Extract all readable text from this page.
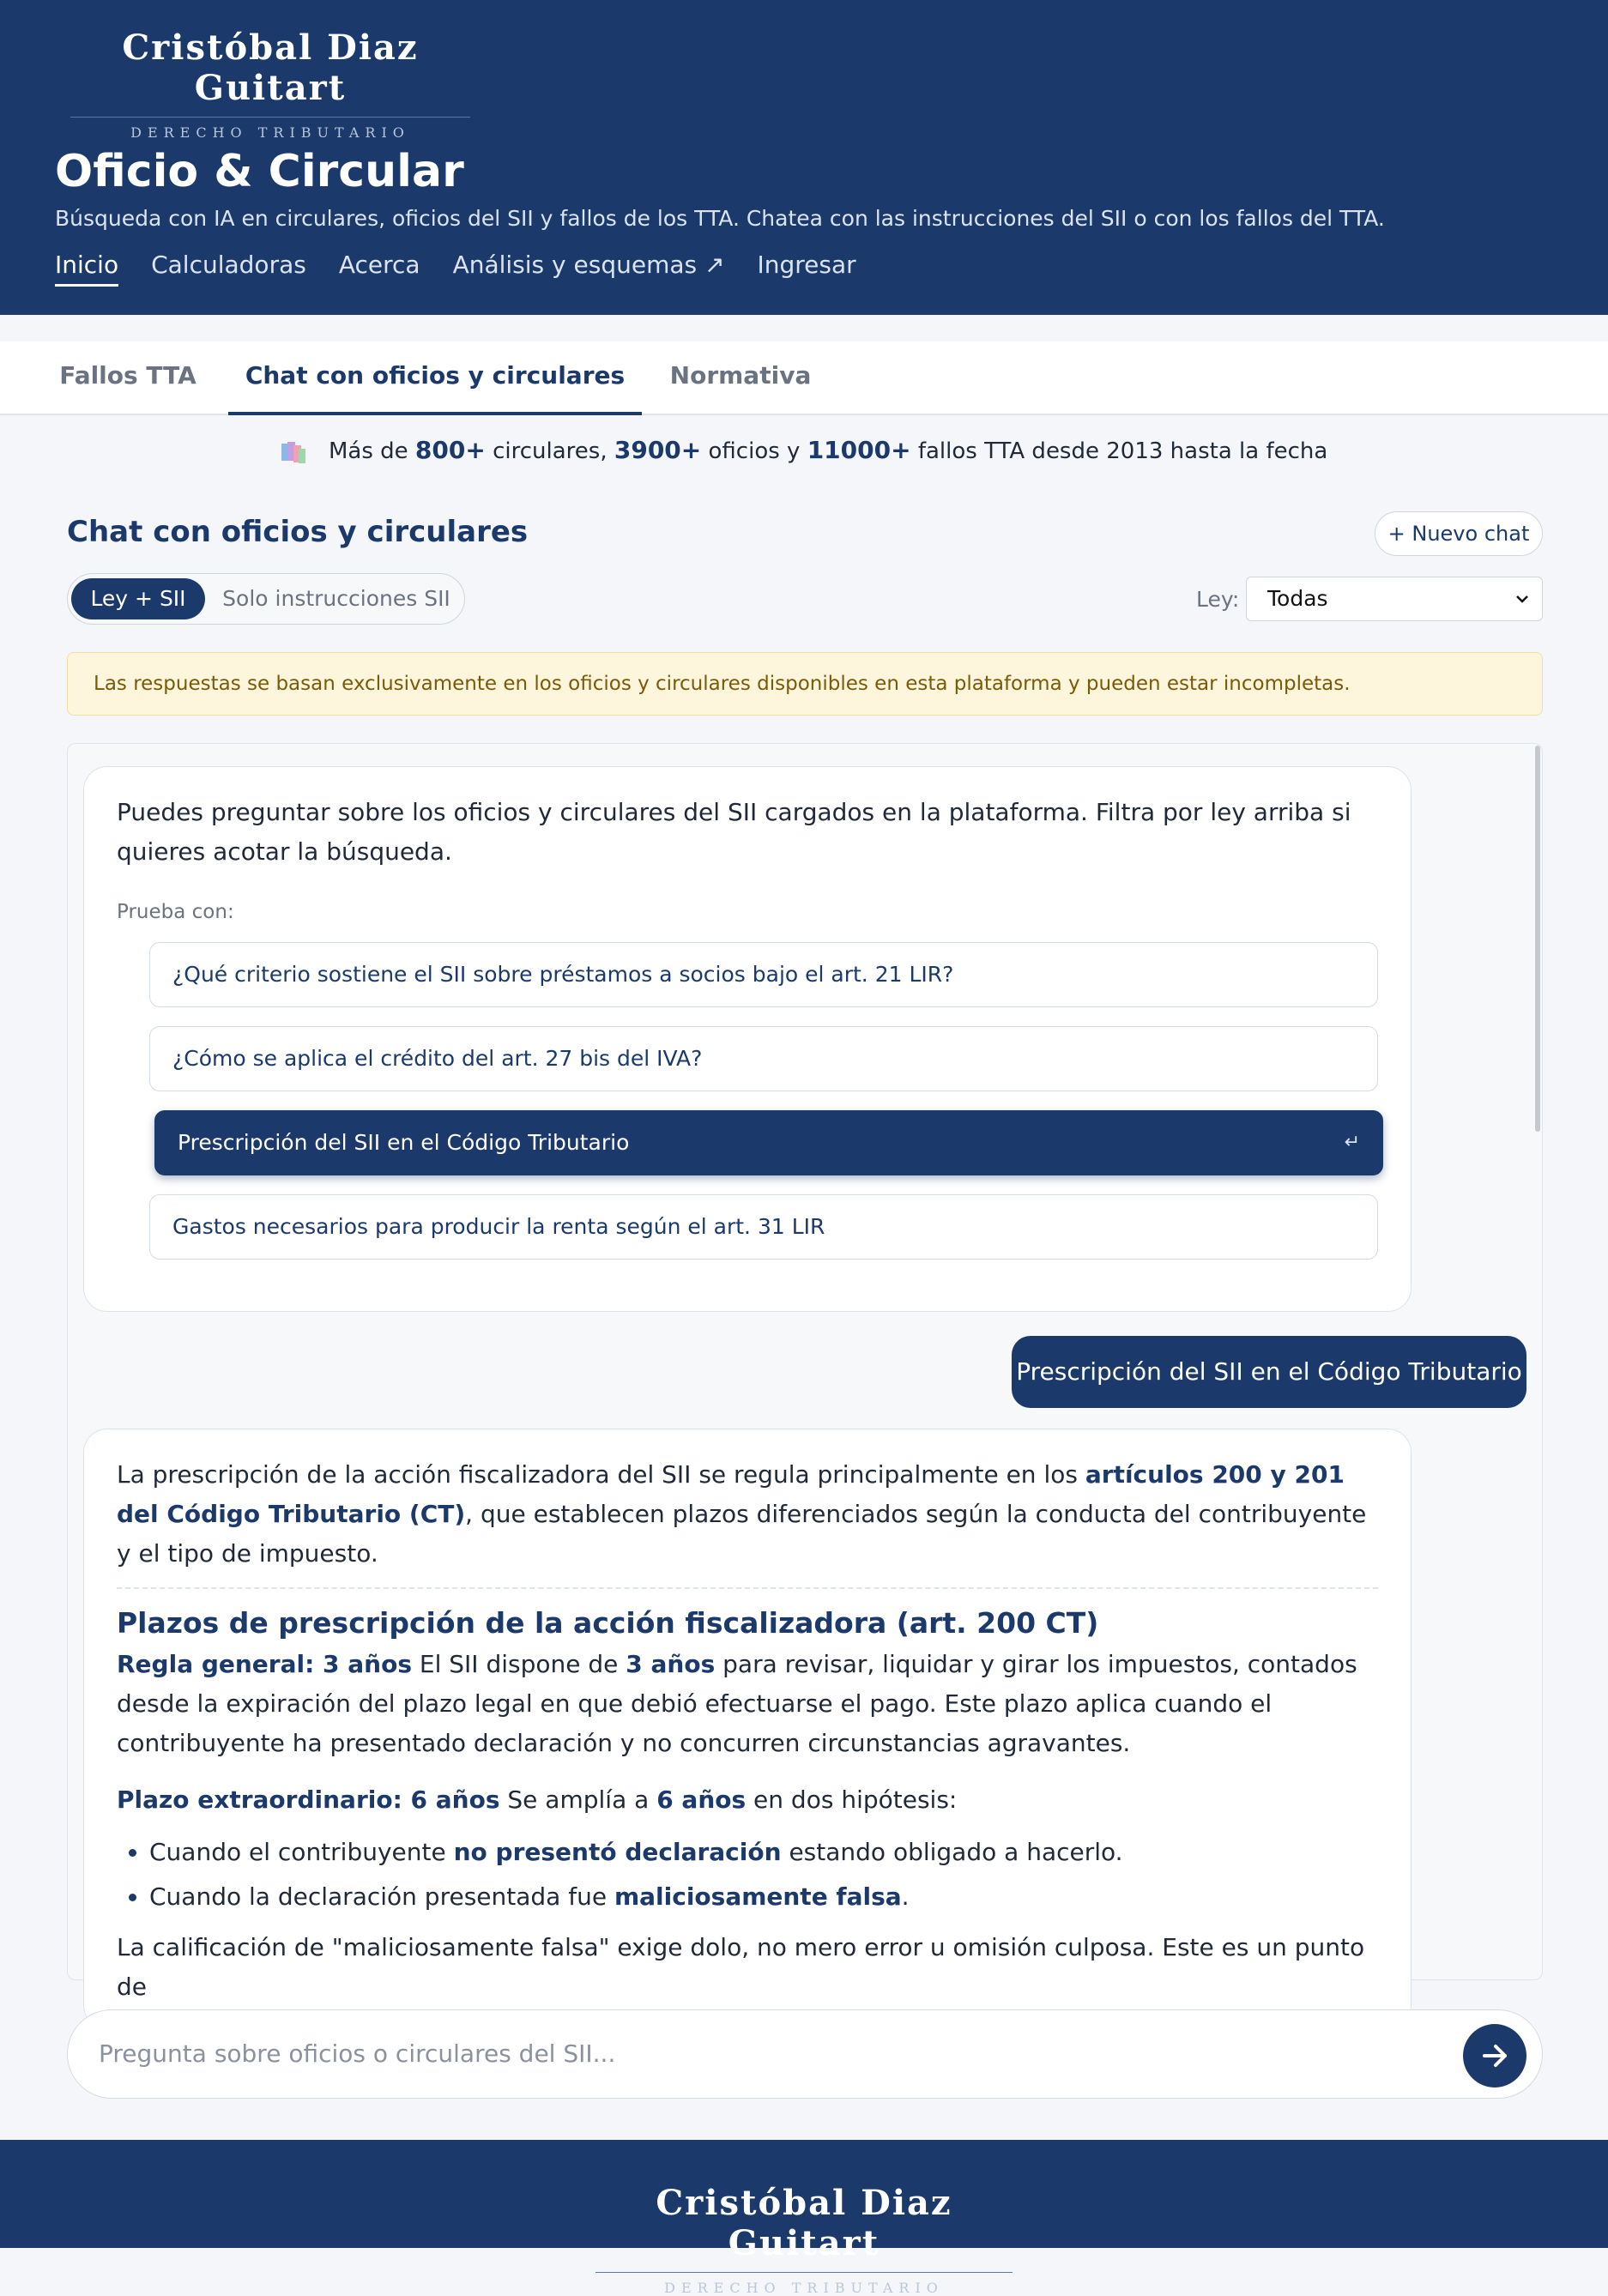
Cristóbal Diaz Guitart
DERECHO TRIBUTARIO
Oficio & Circular
Búsqueda con IA en circulares, oficios del SII y fallos de los TTA. Chatea con las instrucciones del SII o con los fallos del TTA.
Inicio Calculadoras Acerca Análisis y esquemas ↗ Ingresar
Fallos TTA	Chat con oficios y circulares	Normativa
Más de 800+ circulares, 3900+ oficios y 11000+ fallos TTA desde 2013 hasta la fecha
Chat con oficios y circulares	+ Nuevo chat
Ley + SII	Solo instrucciones SII	Ley:	Todas
Las respuestas se basan exclusivamente en los oficios y circulares disponibles en esta plataforma y pueden estar incompletas.
Puedes preguntar sobre los oficios y circulares del SII cargados en la plataforma. Filtra por ley arriba si quieres acotar la búsqueda.
Prueba con:
¿Qué criterio sostiene el SII sobre préstamos a socios bajo el art. 21 LIR?
¿Cómo se aplica el crédito del art. 27 bis del IVA?
Prescripción del SII en el Código Tributario	↵
Gastos necesarios para producir la renta según el art. 31 LIR
Prescripción del SII en el Código Tributario

La prescripción de la acción fiscalizadora del SII se regula principalmente en los artículos 200 y 201 del Código Tributario (CT), que establecen plazos diferenciados según la conducta del contribuyente y el tipo de impuesto.

Plazos de prescripción de la acción fiscalizadora (art. 200 CT)

Regla general: 3 años El SII dispone de 3 años para revisar, liquidar y girar los impuestos, contados desde la expiración del plazo legal en que debió efectuarse el pago. Este plazo aplica cuando el contribuyente ha presentado declaración y no concurren circunstancias agravantes.

Plazo extraordinario: 6 años Se amplía a 6 años en dos hipótesis:

• Cuando el contribuyente no presentó declaración estando obligado a hacerlo.
• Cuando la declaración presentada fue maliciosamente falsa.

La calificación de "maliciosamente falsa" exige dolo, no mero error u omisión culposa. Este es un punto de

Pregunta sobre oficios o circulares del SII...
Cristóbal Diaz Guitart
DERECHO TRIBUTARIO
